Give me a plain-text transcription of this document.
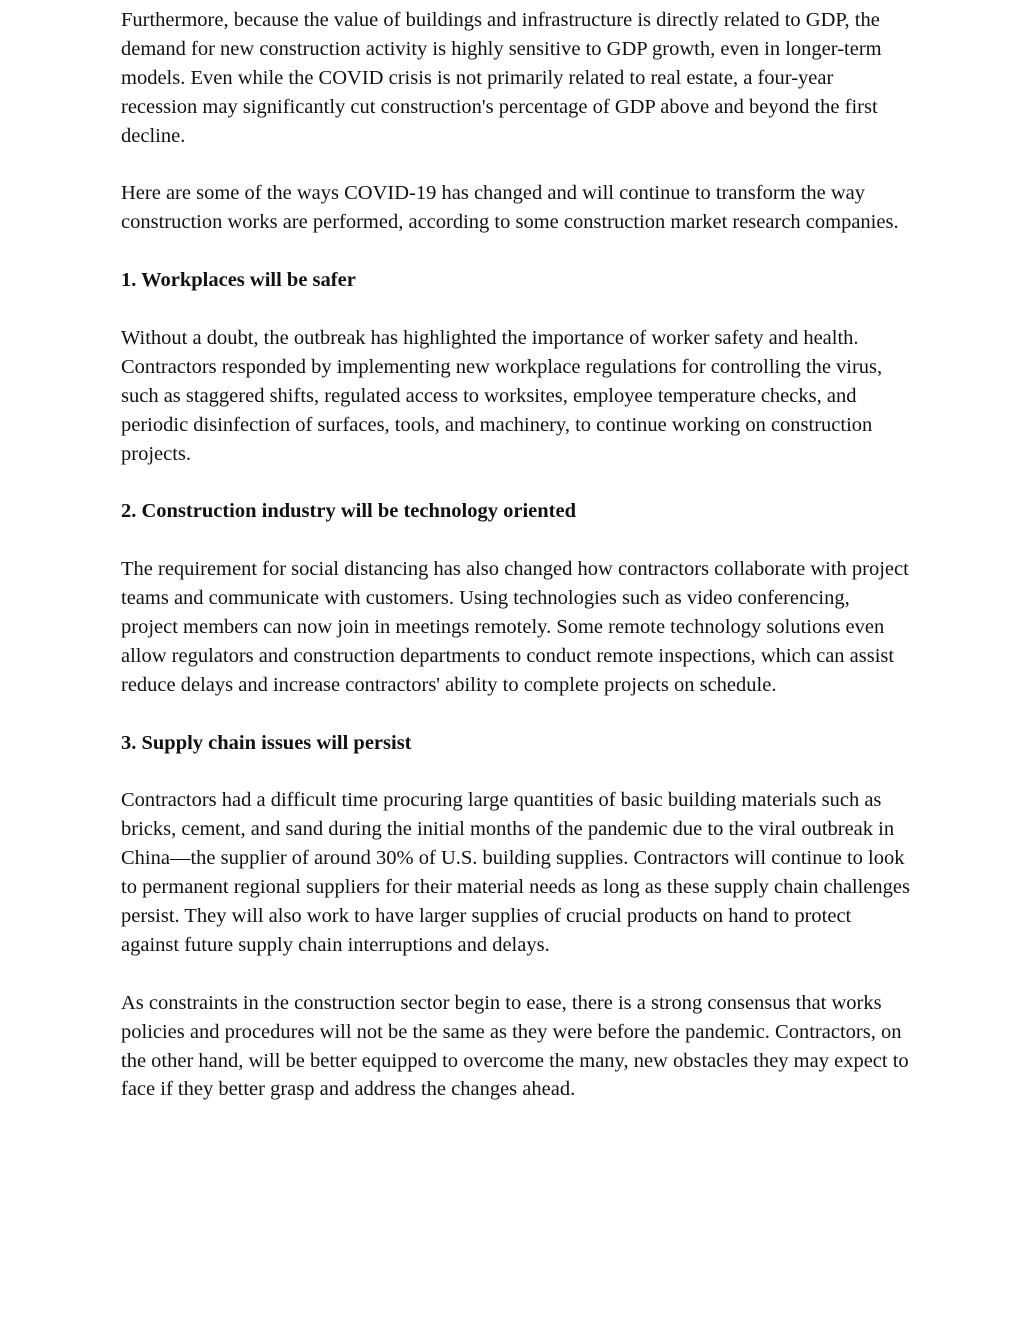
Furthermore, because the value of buildings and infrastructure is directly related to GDP, the demand for new construction activity is highly sensitive to GDP growth, even in longer-term models. Even while the COVID crisis is not primarily related to real estate, a four-year recession may significantly cut construction's percentage of GDP above and beyond the first decline.

Here are some of the ways COVID-19 has changed and will continue to transform the way construction works are performed, according to some construction market research companies.

1. Workplaces will be safer

Without a doubt, the outbreak has highlighted the importance of worker safety and health. Contractors responded by implementing new workplace regulations for controlling the virus, such as staggered shifts, regulated access to worksites, employee temperature checks, and periodic disinfection of surfaces, tools, and machinery, to continue working on construction projects.

2. Construction industry will be technology oriented

The requirement for social distancing has also changed how contractors collaborate with project teams and communicate with customers. Using technologies such as video conferencing, project members can now join in meetings remotely. Some remote technology solutions even allow regulators and construction departments to conduct remote inspections, which can assist reduce delays and increase contractors' ability to complete projects on schedule.

3. Supply chain issues will persist

Contractors had a difficult time procuring large quantities of basic building materials such as bricks, cement, and sand during the initial months of the pandemic due to the viral outbreak in China—the supplier of around 30% of U.S. building supplies. Contractors will continue to look to permanent regional suppliers for their material needs as long as these supply chain challenges persist. They will also work to have larger supplies of crucial products on hand to protect against future supply chain interruptions and delays.

As constraints in the construction sector begin to ease, there is a strong consensus that works policies and procedures will not be the same as they were before the pandemic. Contractors, on the other hand, will be better equipped to overcome the many, new obstacles they may expect to face if they better grasp and address the changes ahead.
